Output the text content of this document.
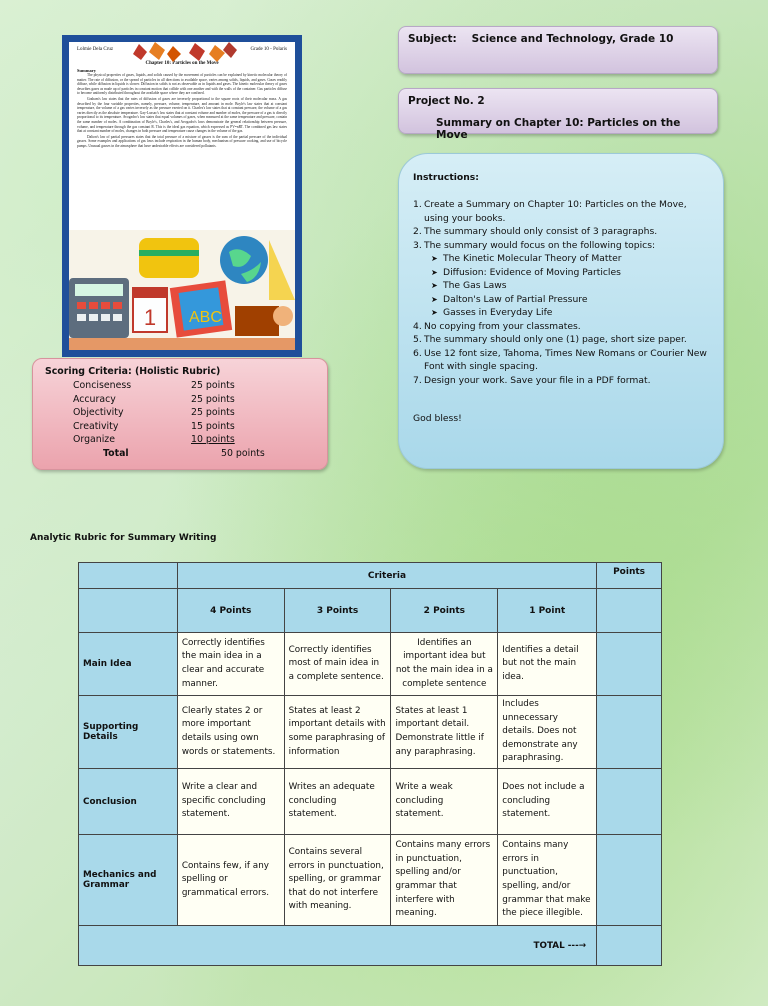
Lolmie Dela Cruz	Grade 10 - Polaris
Chapter 10: Particles on the Move
Summary
The physical properties of gases, liquids, and solids caused by the movement of particles can be explained by kinetic molecular theory of matter. The rate of diffusion, or the spread of particles in all directions to available space, varies among solids, liquids, and gases. Gases readily diffuse, while diffusion in liquids is slower. Diffusion in solids is not as observable as in liquids and gases. The kinetic molecular theory of gases describes gases as made up of particles in constant motion that collide with one another and with the walls of the container. Gas particles diffuse to become uniformly distributed throughout the available space where they are confined.
Graham's law states that the rates of diffusion of gases are inversely proportional to the square roots of their molecular mass. A gas described by the four variable properties, namely, pressure, volume, temperature, and amount in mole. Boyle's law states that at constant temperature, the volume of a gas varies inversely as the pressure exerted on it. Charles's law states that at constant pressure, the volume of a gas varies directly as the absolute temperature. Gay-Lussac's law states that at constant volume and number of moles, the pressure of a gas is directly proportional to its temperature. Avogadro's law states that equal volumes of gases, when measured at the same temperature and pressure, contain the same number of moles. A combination of Boyle's, Charles's, and Avogadro's laws demonstrate the general relationship between pressure, volume, and temperature through the gas constant R. This is the ideal gas equation, which expressed as PV=nRT. The combined gas law states that at constant number of moles, changes in both pressure and temperature cause changes in the volume of the gas.
Dalton's law of partial pressures states that the total pressure of a mixture of gasses is the sum of the partial pressure of the individual gasses. Some examples and applications of gas laws include respiration in the human body, mechanism of pressure cooking, and use of bicycle pumps. Unusual gasses in the atmosphere that have undesirable effects are considered pollutants.
1 ABC
Subject: Science and Technology, Grade 10
Project No. 2
Summary on Chapter 10: Particles on the Move
Instructions:
1. Create a Summary on Chapter 10: Particles on the Move,
using your books.
2. The summary should only consist of 3 paragraphs.
3. The summary would focus on the following topics:
➤ The Kinetic Molecular Theory of Matter
➤ Diffusion: Evidence of Moving Particles
➤ The Gas Laws
➤ Dalton's Law of Partial Pressure
➤ Gasses in Everyday Life
4. No copying from your classmates.
5. The summary should only one (1) page, short size paper.
6. Use 12 font size, Tahoma, Times New Romans or Courier New
Font with single spacing.
7. Design your work. Save your file in a PDF format.
God bless!
Scoring Criteria: (Holistic Rubric)
Conciseness	25 points
Accuracy	25 points
Objectivity	25 points
Creativity	15 points
Organize	10 points
Total	50 points
Analytic Rubric for Summary Writing
	Criteria				Points
	4 Points	3 Points	2 Points	1 Point	
Main Idea	Correctly identifies the main idea in a clear and accurate manner.	Correctly identifies most of main idea in a complete sentence.	Identifies an important idea but not the main idea in a complete sentence	Identifies a detail but not the main idea.	
Supporting Details	Clearly states 2 or more important details using own words or statements.	States at least 2 important details with some paraphrasing of information	States at least 1 important detail. Demonstrate little if any paraphrasing.	Includes unnecessary details. Does not demonstrate any paraphrasing.	
Conclusion	Write a clear and specific concluding statement.	Writes an adequate concluding statement.	Write a weak concluding statement.	Does not include a concluding statement.	
Mechanics and Grammar	Contains few, if any spelling or grammatical errors.	Contains several errors in punctuation, spelling, or grammar that do not interfere with meaning.	Contains many errors in punctuation, spelling and/or grammar that interfere with meaning.	Contains many errors in punctuation, spelling, and/or grammar that make the piece illegible.	
TOTAL ---→					
